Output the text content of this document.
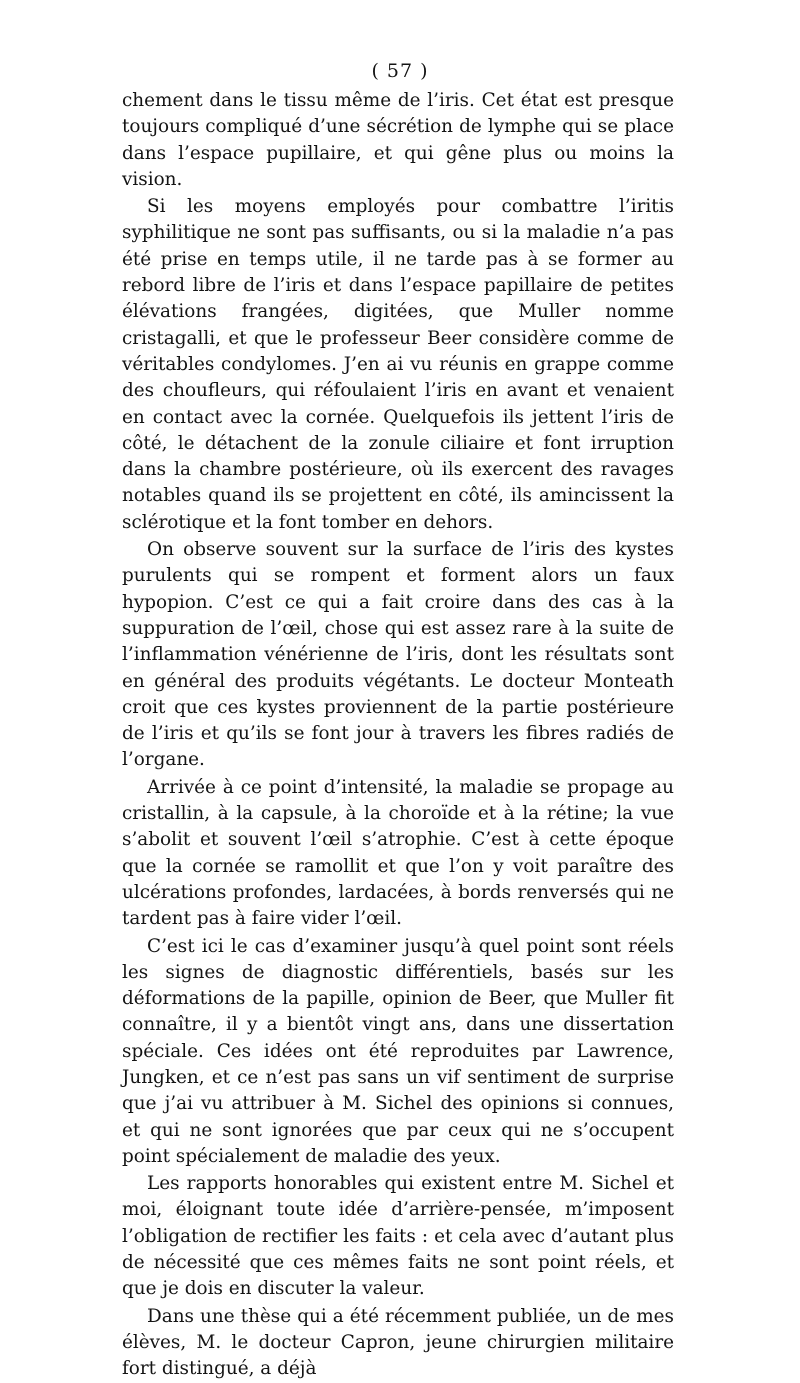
( 57 )

chement dans le tissu même de l’iris. Cet état est presque toujours compliqué d’une sécrétion de lymphe qui se place dans l’espace pupillaire, et qui gêne plus ou moins la vision.

Si les moyens employés pour combattre l’iritis syphilitique ne sont pas suffisants, ou si la maladie n’a pas été prise en temps utile, il ne tarde pas à se former au rebord libre de l’iris et dans l’espace papillaire de petites élévations frangées, digitées, que Muller nomme cristagalli, et que le professeur Beer considère comme de véritables condylomes. J’en ai vu réunis en grappe comme des choufleurs, qui réfoulaient l’iris en avant et venaient en contact avec la cornée. Quelquefois ils jettent l’iris de côté, le détachent de la zonule ciliaire et font irruption dans la chambre postérieure, où ils exercent des ravages notables quand ils se projettent en côté, ils amincissent la sclérotique et la font tomber en dehors.

On observe souvent sur la surface de l’iris des kystes purulents qui se rompent et forment alors un faux hypopion. C’est ce qui a fait croire dans des cas à la suppuration de l’œil, chose qui est assez rare à la suite de l’inflammation vénérienne de l’iris, dont les résultats sont en général des produits végétants. Le docteur Monteath croit que ces kystes proviennent de la partie postérieure de l’iris et qu’ils se font jour à travers les fibres radiés de l’organe.

Arrivée à ce point d’intensité, la maladie se propage au cristallin, à la capsule, à la choroïde et à la rétine; la vue s’abolit et souvent l’œil s’atrophie. C’est à cette époque que la cornée se ramollit et que l’on y voit paraître des ulcérations profondes, lardacées, à bords renversés qui ne tardent pas à faire vider l’œil.

C’est ici le cas d’examiner jusqu’à quel point sont réels les signes de diagnostic différentiels, basés sur les déformations de la papille, opinion de Beer, que Muller fit connaître, il y a bientôt vingt ans, dans une dissertation spéciale. Ces idées ont été reproduites par Lawrence, Jungken, et ce n’est pas sans un vif sentiment de surprise que j’ai vu attribuer à M. Sichel des opinions si connues, et qui ne sont ignorées que par ceux qui ne s’occupent point spécialement de maladie des yeux.

Les rapports honorables qui existent entre M. Sichel et moi, éloignant toute idée d’arrière-pensée, m’imposent l’obligation de rectifier les faits : et cela avec d’autant plus de nécessité que ces mêmes faits ne sont point réels, et que je dois en discuter la valeur.

Dans une thèse qui a été récemment publiée, un de mes élèves, M. le docteur Capron, jeune chirurgien militaire fort distingué, a déjà
